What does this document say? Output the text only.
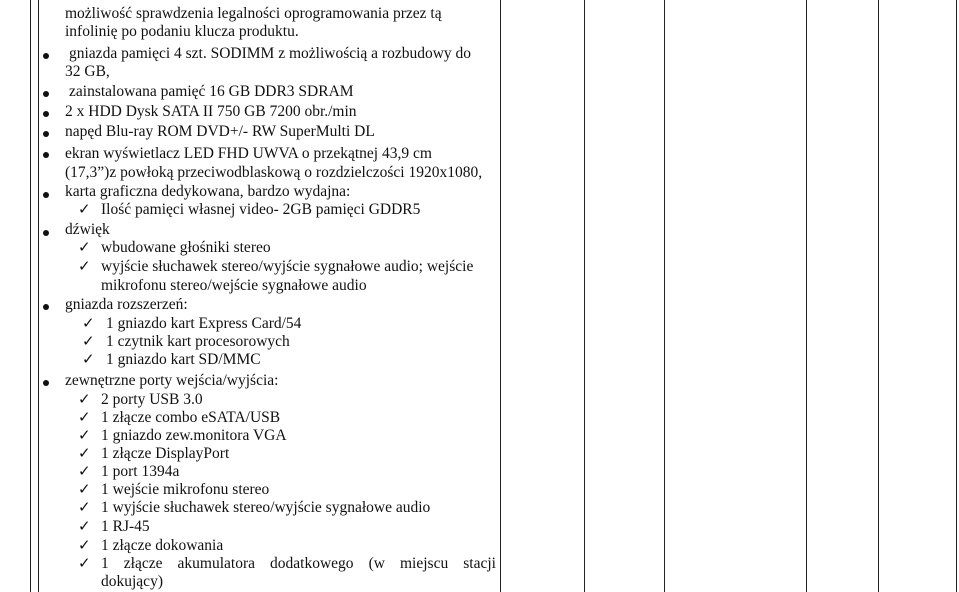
możliwość sprawdzenia legalności oprogramowania przez tą
infolinię po podaniu klucza produktu.
gniazda pamięci 4 szt. SODIMM z możliwością a rozbudowy do
32 GB,
zainstalowana pamięć 16 GB DDR3 SDRAM
2 x HDD Dysk SATA II 750 GB 7200 obr./min
napęd Blu-ray ROM DVD+/- RW SuperMulti DL
ekran wyświetlacz LED FHD UWVA o przekątnej 43,9 cm
(17,3”)z powłoką przeciwodblaskową o rozdzielczości 1920x1080,
karta graficzna dedykowana, bardzo wydajna:
✓ Ilość pamięci własnej video- 2GB pamięci GDDR5
dźwięk
✓ wbudowane głośniki stereo
✓ wyjście słuchawek stereo/wyjście sygnałowe audio; wejście
mikrofonu stereo/wejście sygnałowe audio
gniazda rozszerzeń:
✓ 1 gniazdo kart Express Card/54
✓ 1 czytnik kart procesorowych
✓ 1 gniazdo kart SD/MMC
zewnętrzne porty wejścia/wyjścia:
✓ 2 porty USB 3.0
✓ 1 złącze combo eSATA/USB
✓ 1 gniazdo zew.monitora VGA
✓ 1 złącze DisplayPort
✓ 1 port 1394a
✓ 1 wejście mikrofonu stereo
✓ 1 wyjście słuchawek stereo/wyjście sygnałowe audio
✓ 1 RJ-45
✓ 1 złącze dokowania
✓ 1 złącze akumulatora dodatkowego (w miejscu stacji
dokujący)
